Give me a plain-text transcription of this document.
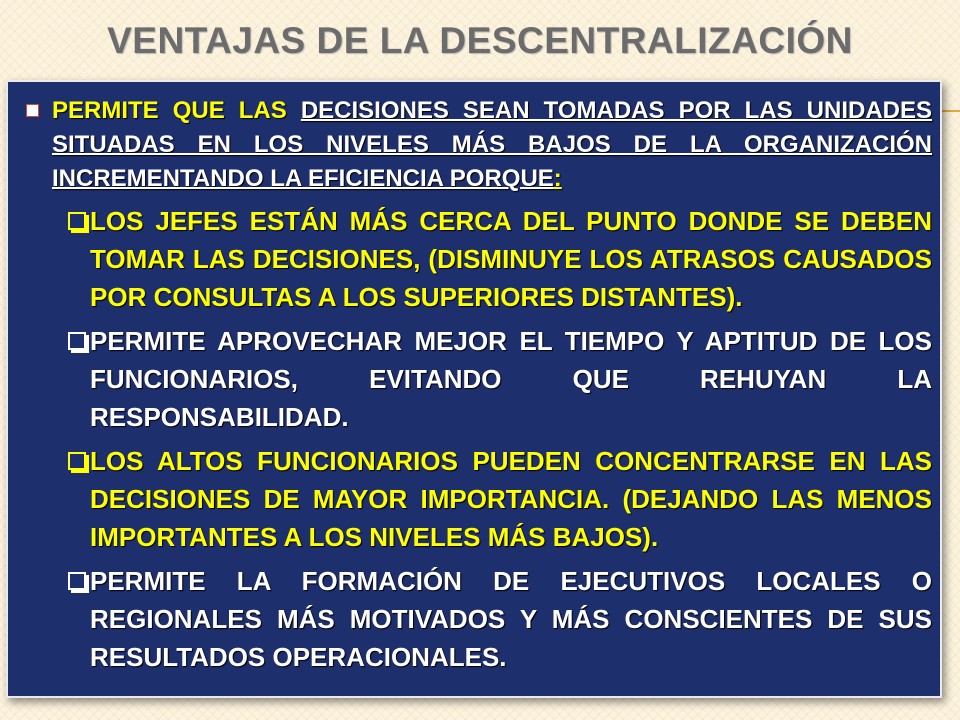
VENTAJAS DE LA DESCENTRALIZACIÓN
PERMITE QUE LAS DECISIONES SEAN TOMADAS POR LAS UNIDADES SITUADAS EN LOS NIVELES MÁS BAJOS DE LA ORGANIZACIÓN INCREMENTANDO LA EFICIENCIA PORQUE:
LOS JEFES ESTÁN MÁS CERCA DEL PUNTO DONDE SE DEBEN TOMAR LAS DECISIONES, (DISMINUYE LOS ATRASOS CAUSADOS POR CONSULTAS A LOS SUPERIORES DISTANTES).
PERMITE APROVECHAR MEJOR EL TIEMPO Y APTITUD DE LOS FUNCIONARIOS, EVITANDO QUE REHUYAN LA RESPONSABILIDAD.
LOS ALTOS FUNCIONARIOS PUEDEN CONCENTRARSE EN LAS DECISIONES DE MAYOR IMPORTANCIA. (DEJANDO LAS MENOS IMPORTANTES A LOS NIVELES MÁS BAJOS).
PERMITE LA FORMACIÓN DE EJECUTIVOS LOCALES O REGIONALES MÁS MOTIVADOS Y MÁS CONSCIENTES DE SUS RESULTADOS OPERACIONALES.
